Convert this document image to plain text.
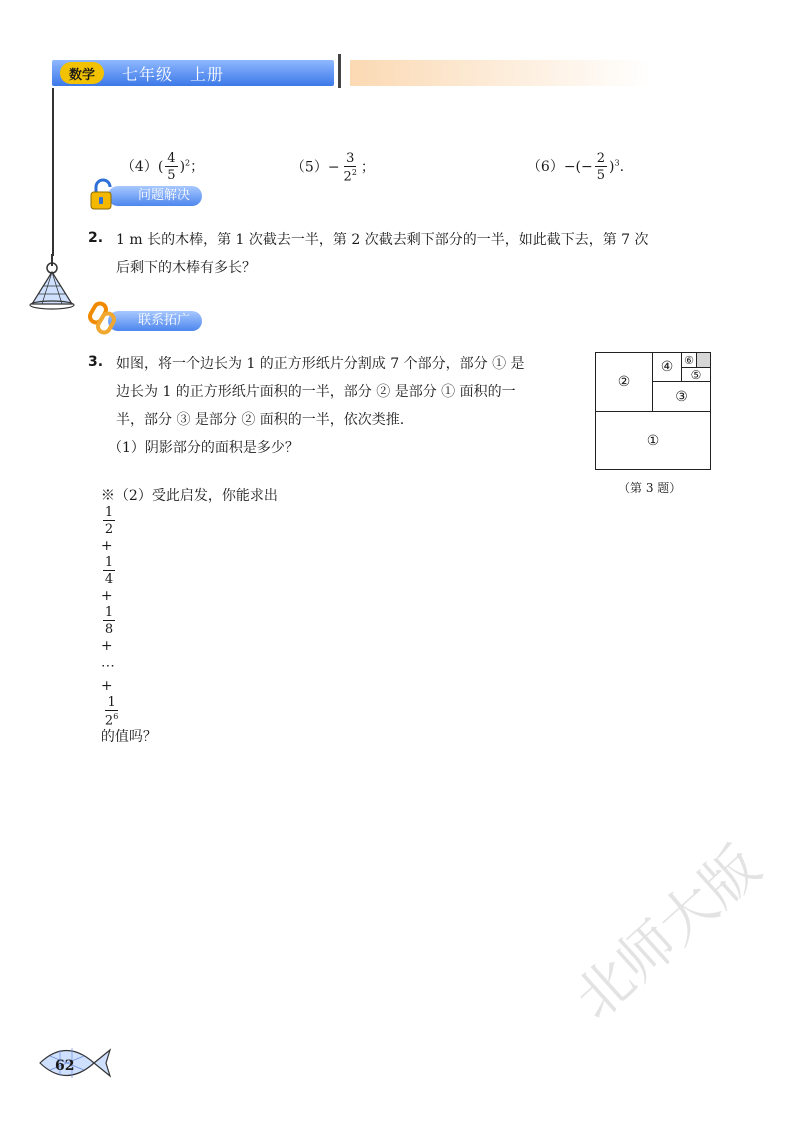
数学	七年级　上册

$(4)( \frac{4}{5} )^2$；	$(5)- \frac{3}{2^2}$ ；	$(6)-(- \frac{2}{5} )^3$.

问题解决
2. 1 m 长的木棒，第 1 次截去一半，第 2 次截去剩下部分的一半，如此截下去，第 7 次
后剩下的木棒有多长？
联系拓广
3. 如图，将一个边长为 1 的正方形纸片分割成 7 个部分，部分 ① 是
边长为 1 的正方形纸片面积的一半，部分 ② 是部分 ① 面积的一
半，部分 ③ 是部分 ② 面积的一半，依次类推.
（1）阴影部分的面积是多少？

※（2）受此启发，你能求出

$\frac{1}{2}$

+

$\frac{1}{4}$

+

$\frac{1}{8}$

+
⋯
+

$\frac{1}{2^6}$

的值吗？

①
②
③
④	⑤
⑥
（第 3 题）
62
北师大版
